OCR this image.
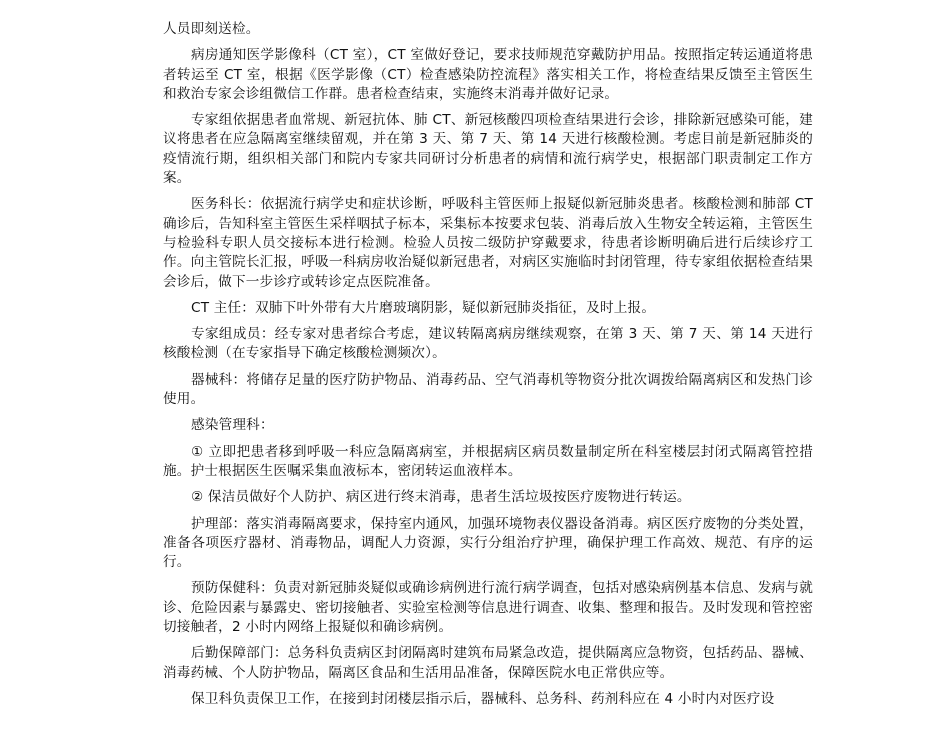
人员即刻送检。

病房通知医学影像科（CT 室），CT 室做好登记，要求技师规范穿戴防护用品。按照指定转运通道将患者转运至 CT 室，根据《医学影像（CT）检查感染防控流程》落实相关工作，将检查结果反馈至主管医生和救治专家会诊组微信工作群。患者检查结束，实施终末消毒并做好记录。

专家组依据患者血常规、新冠抗体、肺 CT、新冠核酸四项检查结果进行会诊，排除新冠感染可能，建议将患者在应急隔离室继续留观，并在第 3 天、第 7 天、第 14 天进行核酸检测。考虑目前是新冠肺炎的疫情流行期，组织相关部门和院内专家共同研讨分析患者的病情和流行病学史，根据部门职责制定工作方案。

医务科长：依据流行病学史和症状诊断，呼吸科主管医师上报疑似新冠肺炎患者。核酸检测和肺部 CT 确诊后，告知科室主管医生采样咽拭子标本，采集标本按要求包装、消毒后放入生物安全转运箱，主管医生与检验科专职人员交接标本进行检测。检验人员按二级防护穿戴要求，待患者诊断明确后进行后续诊疗工作。向主管院长汇报，呼吸一科病房收治疑似新冠患者，对病区实施临时封闭管理，待专家组依据检查结果会诊后，做下一步诊疗或转诊定点医院准备。

CT 主任：双肺下叶外带有大片磨玻璃阴影，疑似新冠肺炎指征，及时上报。

专家组成员：经专家对患者综合考虑，建议转隔离病房继续观察，在第 3 天、第 7 天、第 14 天进行核酸检测（在专家指导下确定核酸检测频次）。

器械科：将储存足量的医疗防护物品、消毒药品、空气消毒机等物资分批次调拨给隔离病区和发热门诊使用。

感染管理科：

① 立即把患者移到呼吸一科应急隔离病室，并根据病区病员数量制定所在科室楼层封闭式隔离管控措施。护士根据医生医嘱采集血液标本，密闭转运血液样本。

② 保洁员做好个人防护、病区进行终末消毒，患者生活垃圾按医疗废物进行转运。

护理部：落实消毒隔离要求，保持室内通风，加强环境物表仪器设备消毒。病区医疗废物的分类处置，准备各项医疗器材、消毒物品，调配人力资源，实行分组治疗护理，确保护理工作高效、规范、有序的运行。

预防保健科：负责对新冠肺炎疑似或确诊病例进行流行病学调查，包括对感染病例基本信息、发病与就诊、危险因素与暴露史、密切接触者、实验室检测等信息进行调查、收集、整理和报告。及时发现和管控密切接触者，2 小时内网络上报疑似和确诊病例。

后勤保障部门：总务科负责病区封闭隔离时建筑布局紧急改造，提供隔离应急物资，包括药品、器械、消毒药械、个人防护物品，隔离区食品和生活用品准备，保障医院水电正常供应等。

保卫科负责保卫工作，在接到封闭楼层指示后，器械科、总务科、药剂科应在 4 小时内对医疗设
